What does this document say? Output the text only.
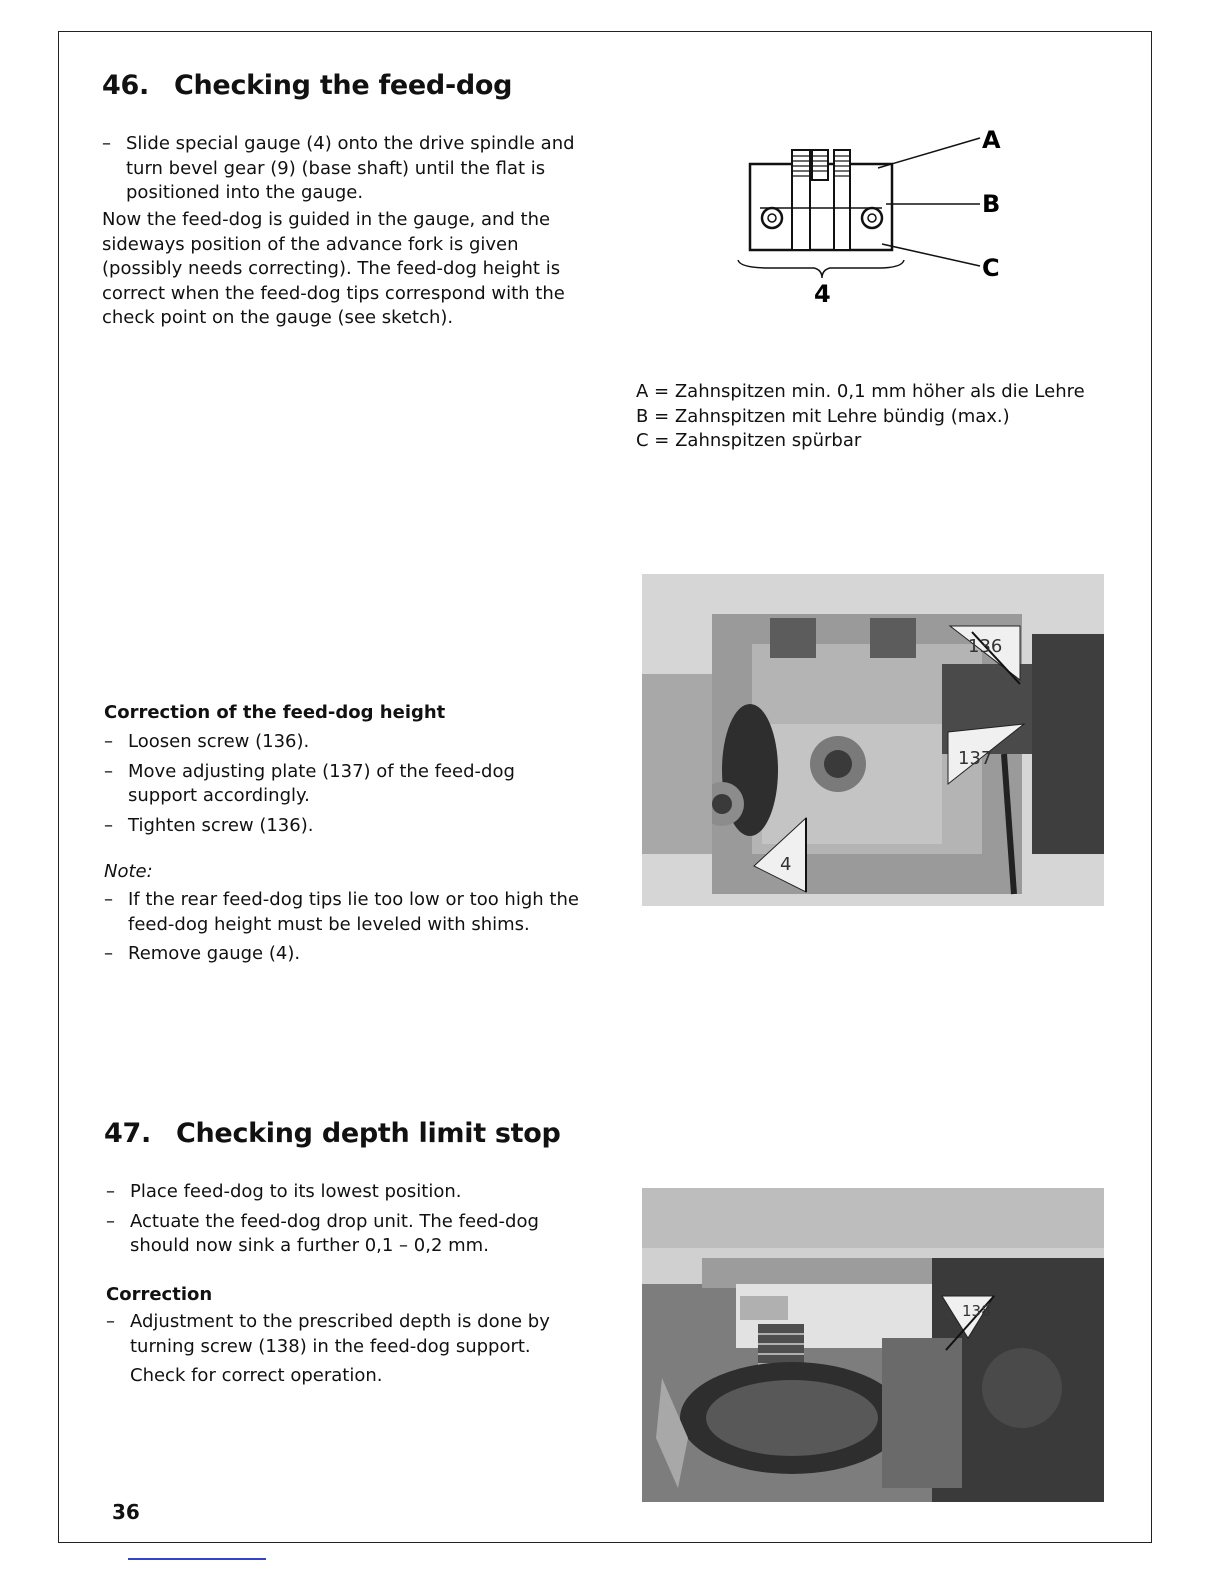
46. Checking the feed-dog
– Slide special gauge (4) onto the drive spindle and turn bevel gear (9) (base shaft) until the flat is positioned into the gauge.

Now the feed-dog is guided in the gauge, and the sideways position of the advance fork is given (possibly needs correcting). The feed-dog height is correct when the feed-dog tips correspond with the check point on the gauge (see sketch).

A
B
C
4
A = Zahnspitzen min. 0,1 mm höher als die Lehre
B = Zahnspitzen mit Lehre bündig (max.)
C = Zahnspitzen spürbar
136
137
4
Correction of the feed-dog height
– Loosen screw (136).
– Move adjusting plate (137) of the feed-dog support accordingly.
– Tighten screw (136).

Note:

– If the rear feed-dog tips lie too low or too high the feed-dog height must be leveled with shims.
– Remove gauge (4).
47. Checking depth limit stop
– Place feed-dog to its lowest position.
– Actuate the feed-dog drop unit. The feed-dog should now sink a further 0,1 – 0,2 mm.
Correction
– Adjustment to the prescribed depth is done by turning screw (138) in the feed-dog support.

Check for correct operation.

138
36
